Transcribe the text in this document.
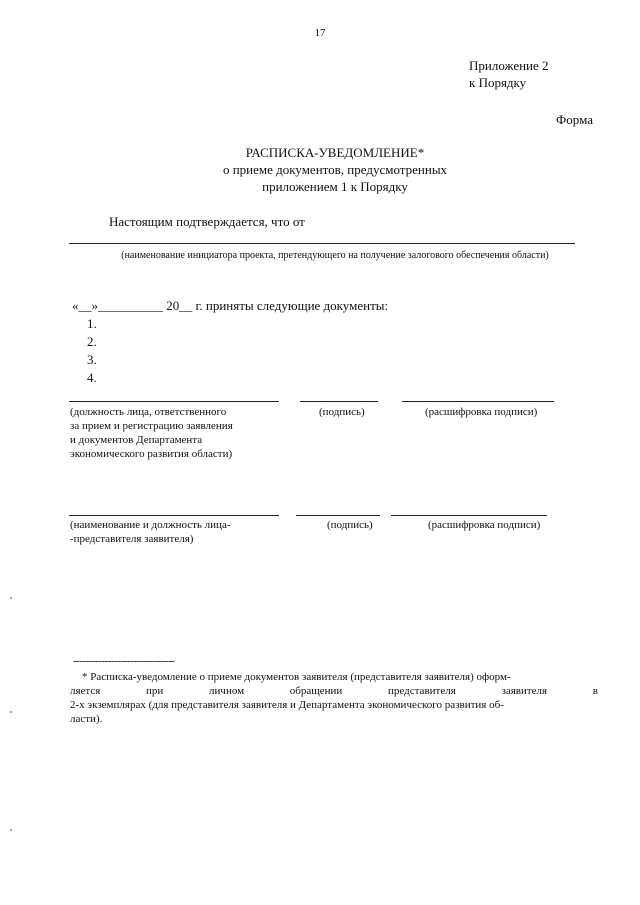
17
Приложение 2
к Порядку
Форма
РАСПИСКА-УВЕДОМЛЕНИЕ*
о приеме документов, предусмотренных
приложением 1 к Порядку
Настоящим подтверждается, что от
(наименование инициатора проекта, претендующего на получение залогового обеспечения области)
«__»__________ 20__ г. приняты следующие документы:
1.
2.
3.
4.
(должность лица, ответственного
за прием и регистрацию заявления
и документов Департамента
экономического развития области)
(подпись)	(расшифровка подписи)
(наименование и должность лица-
-представителя заявителя)
(подпись)	(расшифровка подписи)
--------------------------------
* Расписка-уведомление о приеме документов заявителя (представителя заявителя) оформ-
ляется при личном обращении представителя заявителя в
2-х экземплярах (для представителя заявителя и Департамента экономического развития об-
ласти).
